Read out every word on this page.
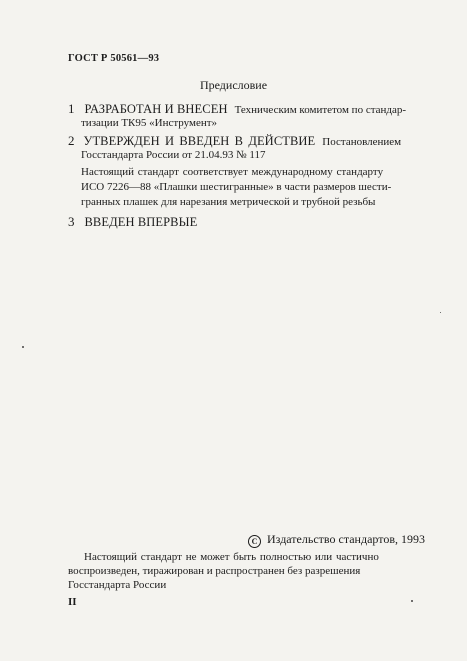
ГОСТ Р 50561—93
Предисловие
1 РАЗРАБОТАН И ВНЕСЕН Техническим комитетом по стандар-
тизации ТК95 «Инструмент»
2 УТВЕРЖДЕН И ВВЕДЕН В ДЕЙСТВИЕ Постановлением
Госстандарта России от 21.04.93 № 117
Настоящий стандарт соответствует международному стандарту
ИСО 7226—88 «Плашки шестигранные» в части размеров шести-
гранных плашек для нарезания метрической и трубной резьбы
3 ВВЕДЕН ВПЕРВЫЕ
C Издательство стандартов, 1993
Настоящий стандарт не может быть полностью или частично
воспроизведен, тиражирован и распространен без разрешения
Госстандарта России
II
